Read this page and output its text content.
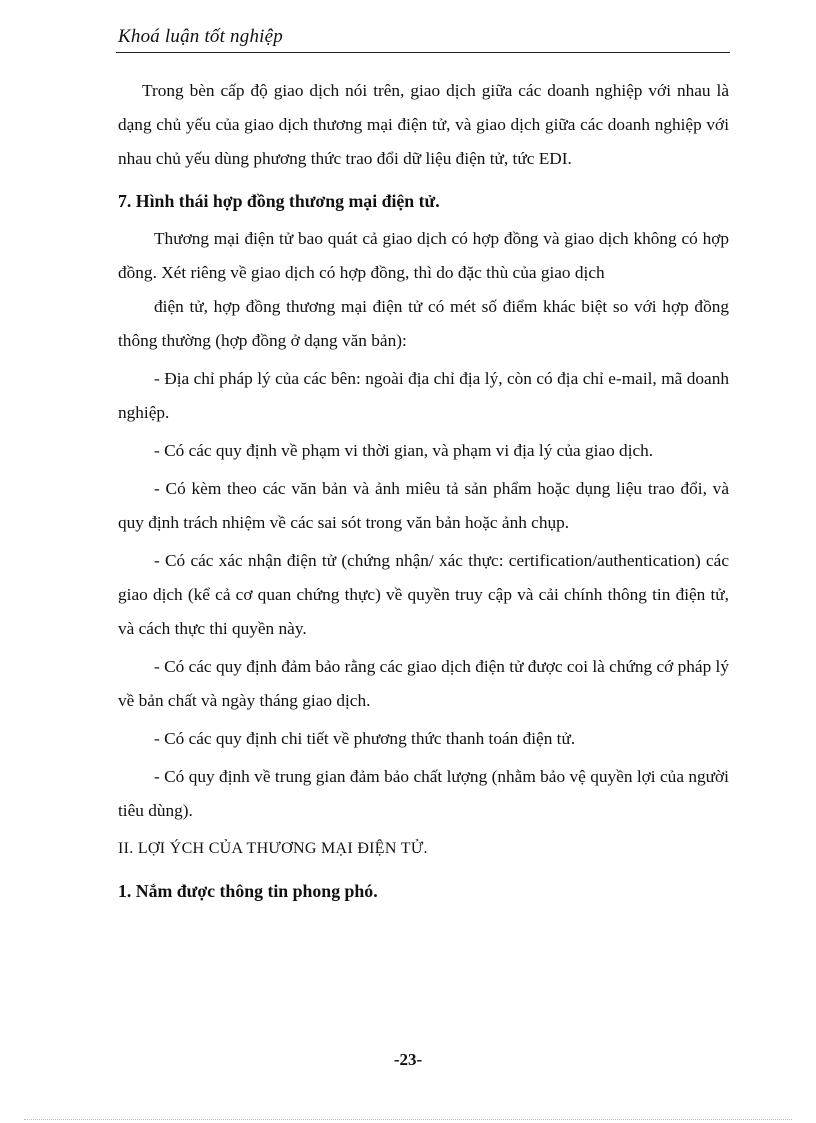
Khoá luận tốt nghiệp

Trong bèn cấp độ giao dịch nói trên, giao dịch giữa các doanh nghiệp với nhau là dạng chủ yếu của giao dịch thương mại điện tử, và giao dịch giữa các doanh nghiệp với nhau chủ yếu dùng phương thức trao đổi dữ liệu điện tử, tức EDI.

7. Hình thái hợp đồng thương mại điện tử.

Thương mại điện tử bao quát cả giao dịch có hợp đồng và giao dịch không có hợp đồng. Xét riêng về giao dịch có hợp đồng, thì do đặc thù của giao dịch

điện tử, hợp đồng thương mại điện tử có mét số điểm khác biệt so với hợp đồng thông thường (hợp đồng ở dạng văn bản):

- Địa chỉ pháp lý của các bên: ngoài địa chỉ địa lý, còn có địa chỉ e-mail, mã doanh nghiệp.

- Có các quy định về phạm vi thời gian, và phạm vi địa lý của giao dịch.

- Có kèm theo các văn bản và ảnh miêu tả sản phẩm hoặc dụng liệu trao đổi, và quy định trách nhiệm về các sai sót trong văn bản hoặc ảnh chụp.

- Có các xác nhận điện tử (chứng nhận/ xác thực: certification/authentication) các giao dịch (kể cả cơ quan chứng thực) về quyền truy cập và cải chính thông tin điện tử, và cách thực thi quyền này.

- Có các quy định đảm bảo rằng các giao dịch điện tử được coi là chứng cớ pháp lý về bản chất và ngày tháng giao dịch.

- Có các quy định chi tiết về phương thức thanh toán điện tử.

- Có quy định về trung gian đảm bảo chất lượng (nhằm bảo vệ quyền lợi của người tiêu dùng).

II. LỢI ÝCH CỦA THƯƠNG MẠI ĐIỆN TỬ.

1. Nắm được thông tin phong phó.

-23-
